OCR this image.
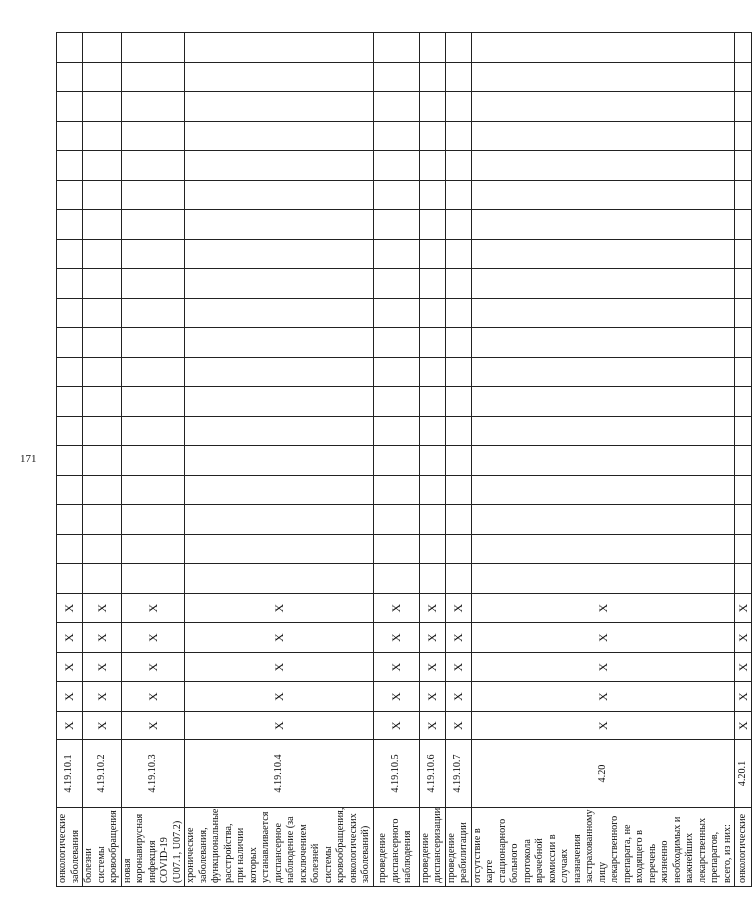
171
онкологические заболевания	4.19.10.1	X	X	X	X	X																			
болезни системы кровообращения	4.19.10.2	X	X	X	X	X																			
новая коронавирусная инфекция COVID-19 (U07.1, U07.2)	4.19.10.3	X	X	X	X	X																			
хронические заболевания, функциональные расстройства, при наличии которых устанавливается диспансерное наблюдение (за исключением болезней системы кровообращения, онкологических заболеваний)	4.19.10.4	X	X	X	X	X																			
проведение диспансерного наблюдения	4.19.10.5	X	X	X	X	X																			
проведение диспансеризации	4.19.10.6	X	X	X	X	X																			
проведение реабилитации	4.19.10.7	X	X	X	X	X																			
отсутствие в карте стационарного больного протокола врачебной комиссии в случаях назначения застрахованному лицу лекарственного препарата, не входящего в перечень жизненно необходимых и важнейших лекарственных препаратов, всего, из них:	4.20	X	X	X	X	X																			
онкологические	4.20.1	X	X	X	X	X																			
